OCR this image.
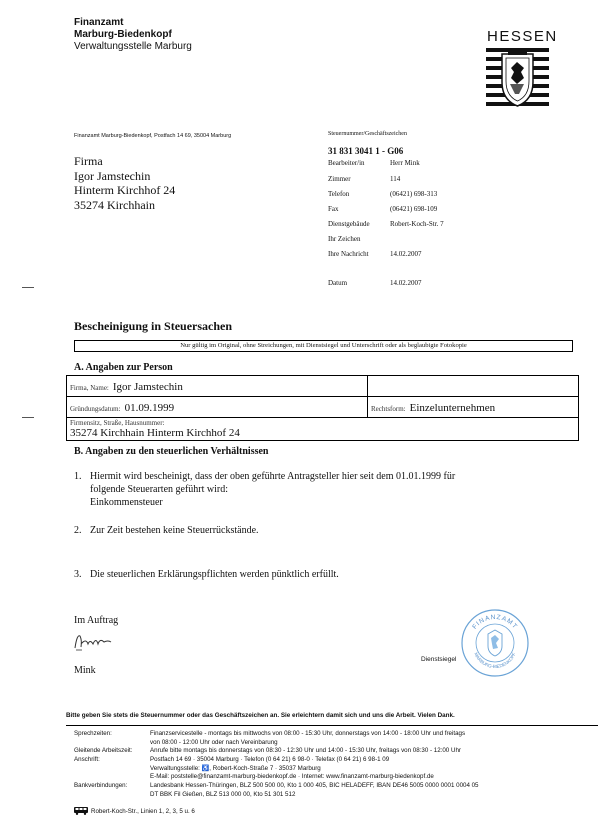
Finanzamt
Marburg-Biedenkopf
Verwaltungsstelle Marburg
HESSEN
Finanzamt Marburg-Biedenkopf, Postfach 14 69, 35004 Marburg
Firma
Igor Jamstechin
Hinterm Kirchhof 24
35274 Kirchhain
Steuernummer/Geschäftszeichen
31 831 3041 1 - G06
Bearbeiter/in	Herr Mink
Zimmer	114
Telefon	(06421) 698-313
Fax	(06421) 698-109
Dienstgebäude	Robert-Koch-Str. 7
Ihr Zeichen
Ihre Nachricht	14.02.2007
Datum	14.02.2007
Bescheinigung in Steuersachen
Nur gültig im Original, ohne Streichungen, mit Dienstsiegel und Unterschrift oder als beglaubigte Fotokopie
A. Angaben zur Person
Firma, Name: Igor Jamstechin

Gründungsdatum: 01.09.1999	Rechtsform: Einzelunternehmen
Firmensitz, Straße, Hausnummer:
35274 Kirchhain Hinterm Kirchhof 24
B. Angaben zu den steuerlichen Verhältnissen
1. Hiermit wird bescheinigt, dass der oben geführte Antragsteller hier seit dem 01.01.1999 für
folgende Steuerarten geführt wird:
Einkommensteuer
2. Zur Zeit bestehen keine Steuerrückstände.
3. Die steuerlichen Erklärungspflichten werden pünktlich erfüllt.
Im Auftrag
Mink
Dienstsiegel
FINANZAMT
MARBURG-BIEDENKOPF
Bitte geben Sie stets die Steuernummer oder das Geschäftszeichen an. Sie erleichtern damit sich und uns die Arbeit. Vielen Dank.
Sprechzeiten:	Finanzservicestelle - montags bis mittwochs von 08:00 - 15:30 Uhr, donnerstags von 14:00 - 18:00 Uhr und freitags
von 08:00 - 12:00 Uhr oder nach Vereinbarung
Gleitende Arbeitszeit:	Anrufe bitte montags bis donnerstags von 08:30 - 12:30 Uhr und 14:00 - 15:30 Uhr, freitags von 08:30 - 12:00 Uhr
Anschrift:	Postfach 14 69 · 35004 Marburg · Telefon (0 64 21) 6 98-0 · Telefax (0 64 21) 6 98-1 09
Verwaltungsstelle: ♿, Robert-Koch-Straße 7 · 35037 Marburg
E-Mail: poststelle@finanzamt-marburg-biedenkopf.de · Internet: www.finanzamt-marburg-biedenkopf.de
Bankverbindungen:	Landesbank Hessen-Thüringen, BLZ 500 500 00, Kto 1 000 405, BIC HELADEFF, IBAN DE46 5005 0000 0001 0004 05
DT BBK Fil Gießen, BLZ 513 000 00, Kto 51 301 512
Robert-Koch-Str., Linien 1, 2, 3, 5 u. 6
